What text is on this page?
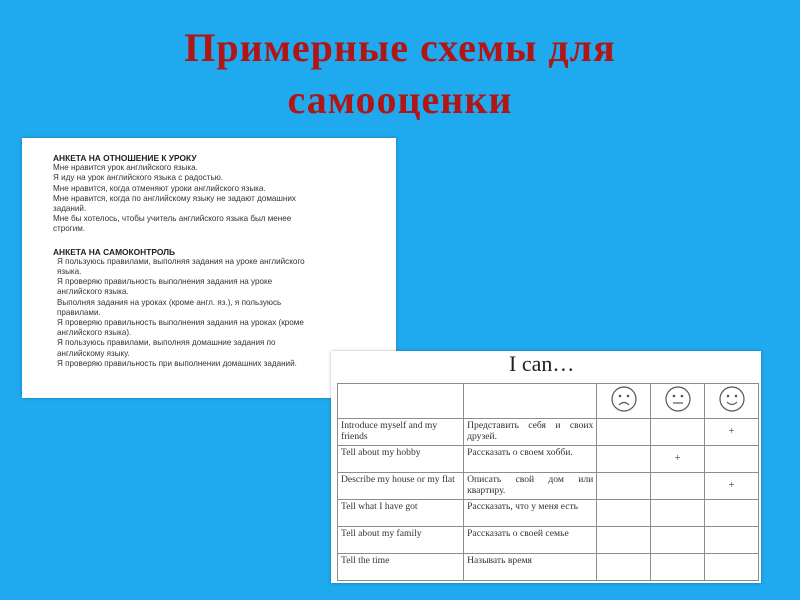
Примерные схемы для
самооценки
АНКЕТА НА ОТНОШЕНИЕ К УРОКУ
Мне нравится урок английского языка.
Я иду на урок английского языка с радостью.
Мне нравится, когда отменяют уроки английского языка.
Мне нравится, когда по английскому языку не задают домашних
заданий.
Мне бы хотелось, чтобы учитель английского языка был менее
строгим.
АНКЕТА НА САМОКОНТРОЛЬ
Я пользуюсь правилами, выполняя задания на уроке английского
языка.
Я проверяю правильность выполнения задания на уроке
английского языка.
Выполняя задания на уроках (кроме англ. яз.), я пользуюсь
правилами.
Я проверяю правильность выполнения задания на уроках (кроме
английского языка).
Я пользуюсь правилами, выполняя домашние задания по
английскому языку.
Я проверяю правильность при выполнении домашних заданий.	I can…

Introduce myself and my friends	Представить себя и своих друзей.			+
Tell about my hobby	Рассказать о своем хобби.		+	
Describe my house or my flat	Описать свой дом или квартиру.			+
Tell what I have got	Рассказать, что у меня есть			
Tell about my family	Рассказать о своей семье			
Tell the time	Называть время			
